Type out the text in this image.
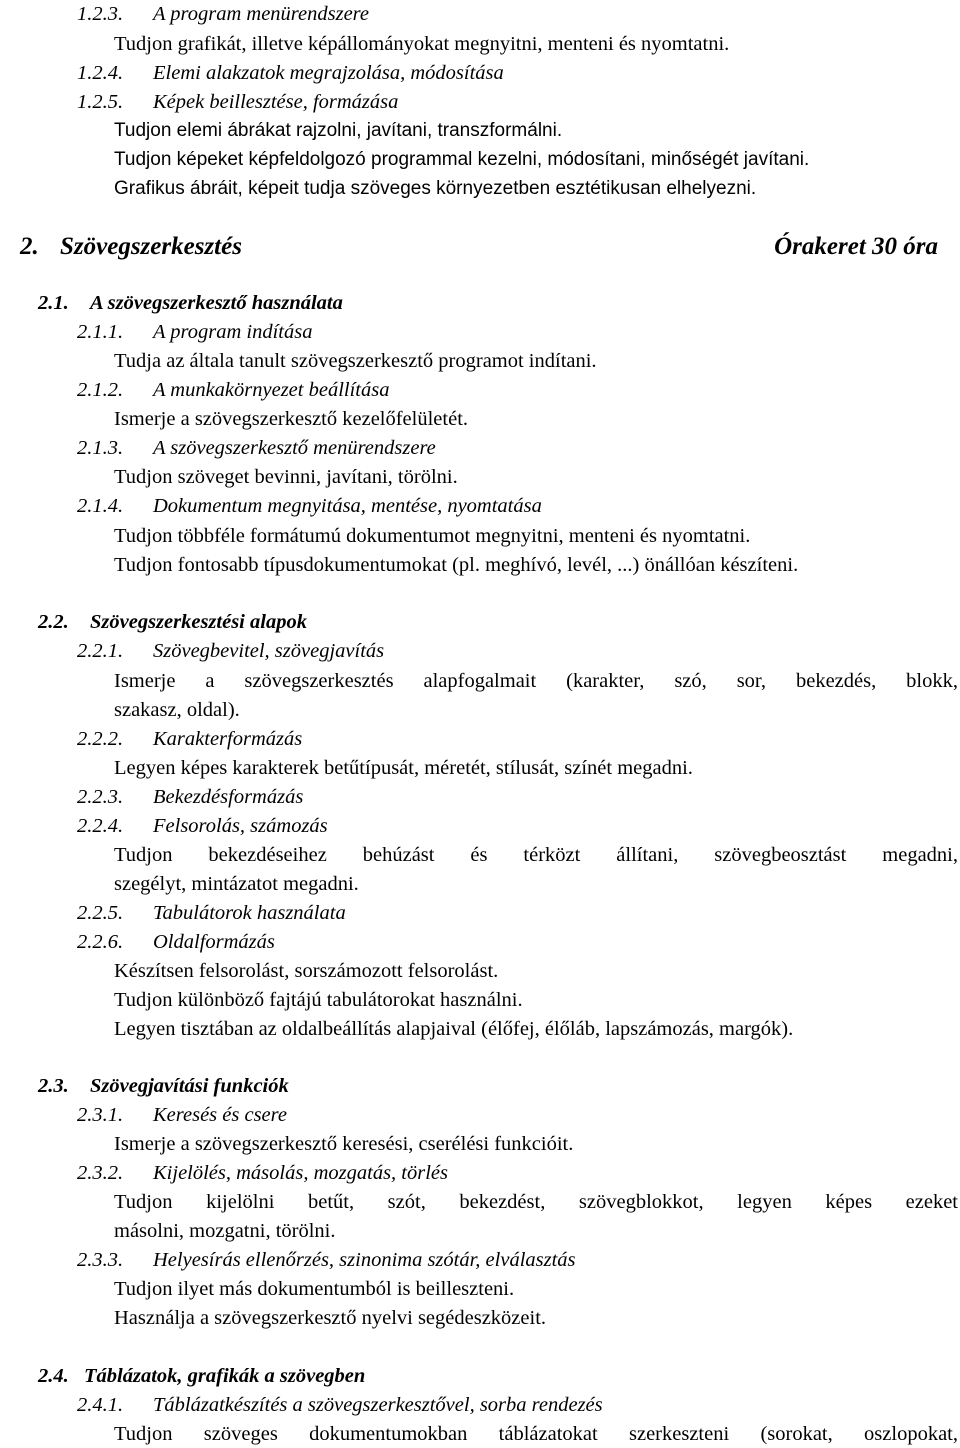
1.2.3. A program menürendszere
Tudjon grafikát, illetve képállományokat megnyitni, menteni és nyomtatni.
1.2.4. Elemi alakzatok megrajzolása, módosítása
1.2.5. Képek beillesztése, formázása
Tudjon elemi ábrákat rajzolni, javítani, transzformálni.
Tudjon képeket képfeldolgozó programmal kezelni, módosítani, minőségét javítani.
Grafikus ábráit, képeit tudja szöveges környezetben esztétikusan elhelyezni.
2. Szövegszerkesztés	Órakeret 30 óra
2.1. A szövegszerkesztő használata
2.1.1. A program indítása
Tudja az általa tanult szövegszerkesztő programot indítani.
2.1.2. A munkakörnyezet beállítása
Ismerje a szövegszerkesztő kezelőfelületét.
2.1.3. A szövegszerkesztő menürendszere
Tudjon szöveget bevinni, javítani, törölni.
2.1.4. Dokumentum megnyitása, mentése, nyomtatása
Tudjon többféle formátumú dokumentumot megnyitni, menteni és nyomtatni.
Tudjon fontosabb típusdokumentumokat (pl. meghívó, levél, ...) önállóan készíteni.
2.2. Szövegszerkesztési alapok
2.2.1. Szövegbevitel, szövegjavítás
Ismerje a szövegszerkesztés alapfogalmait (karakter, szó, sor, bekezdés, blokk,
szakasz, oldal).
2.2.2. Karakterformázás
Legyen képes karakterek betűtípusát, méretét, stílusát, színét megadni.
2.2.3. Bekezdésformázás
2.2.4. Felsorolás, számozás
Tudjon bekezdéseihez behúzást és térközt állítani, szövegbeosztást megadni,
szegélyt, mintázatot megadni.
2.2.5. Tabulátorok használata
2.2.6. Oldalformázás
Készítsen felsorolást, sorszámozott felsorolást.
Tudjon különböző fajtájú tabulátorokat használni.
Legyen tisztában az oldalbeállítás alapjaival (élőfej, élőláb, lapszámozás, margók).
2.3. Szövegjavítási funkciók
2.3.1. Keresés és csere
Ismerje a szövegszerkesztő keresési, cserélési funkcióit.
2.3.2. Kijelölés, másolás, mozgatás, törlés
Tudjon kijelölni betűt, szót, bekezdést, szövegblokkot, legyen képes ezeket
másolni, mozgatni, törölni.
2.3.3. Helyesírás ellenőrzés, szinonima szótár, elválasztás
Tudjon ilyet más dokumentumból is beilleszteni.
Használja a szövegszerkesztő nyelvi segédeszközeit.
2.4. Táblázatok, grafikák a szövegben
2.4.1. Táblázatkészítés a szövegszerkesztővel, sorba rendezés
Tudjon szöveges dokumentumokban táblázatokat szerkeszteni (sorokat, oszlopokat,
